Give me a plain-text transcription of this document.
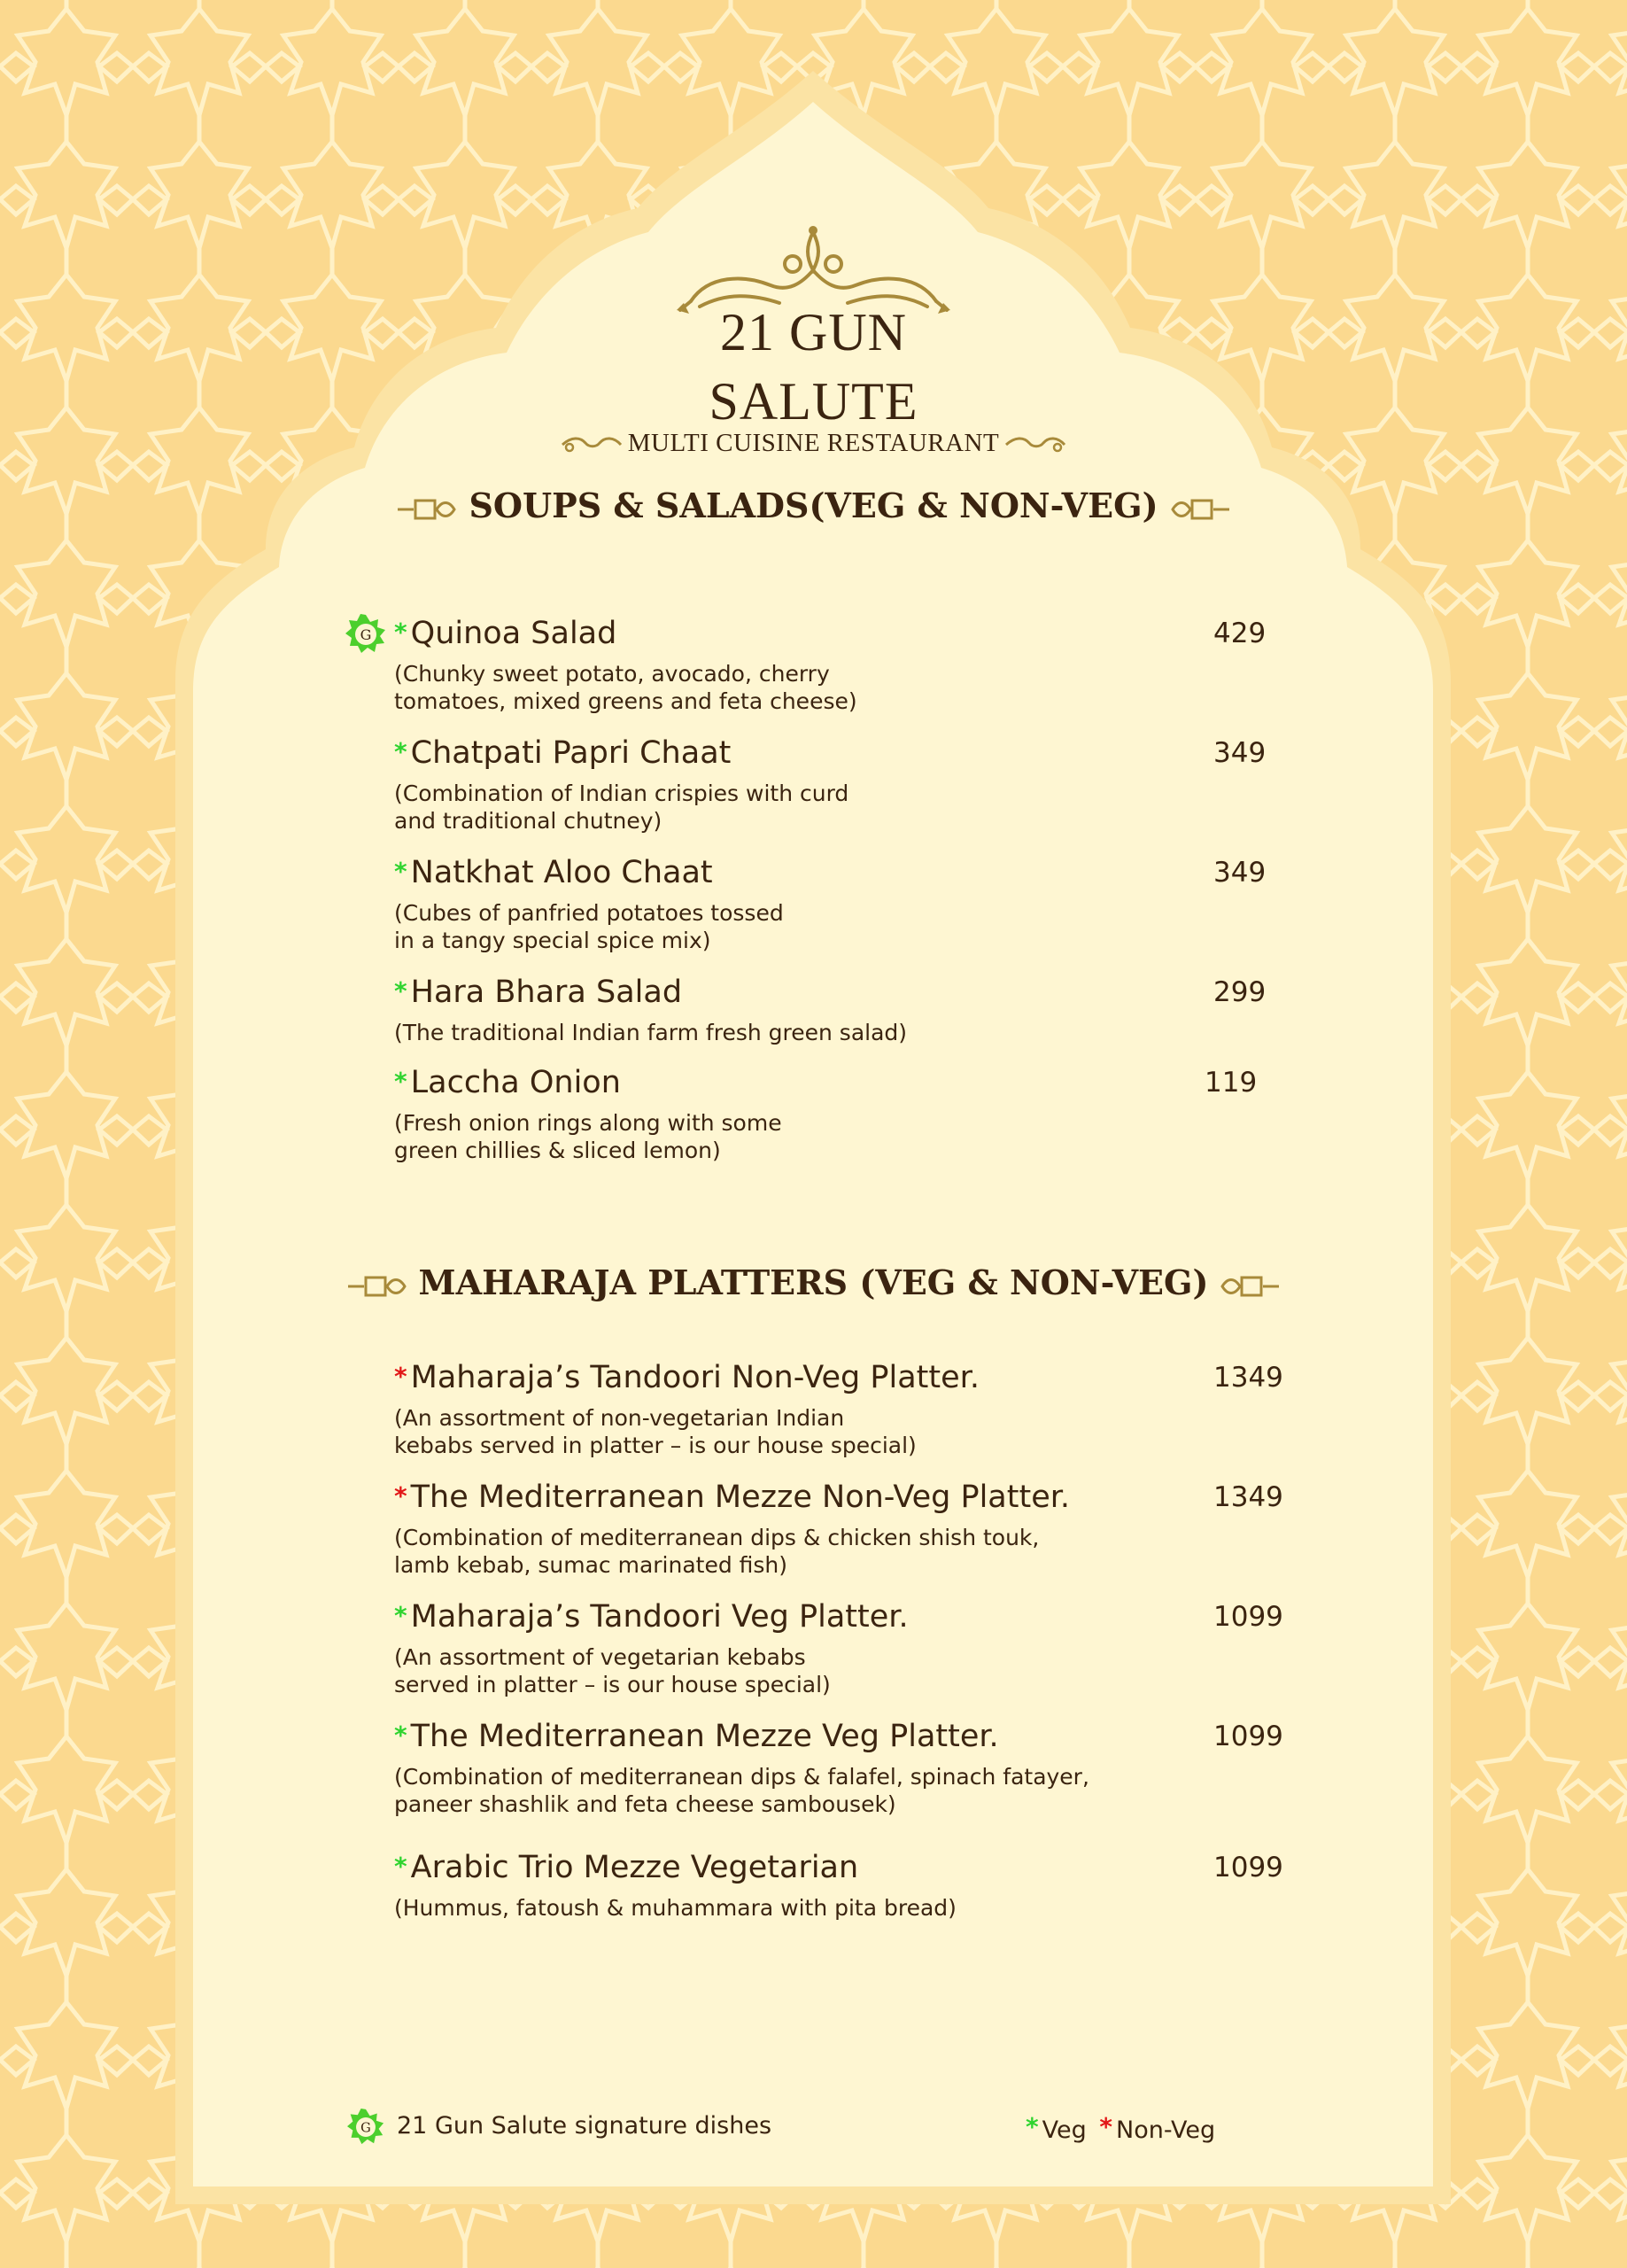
21 GUN
SALUTE
MULTI CUISINE RESTAURANT
SOUPS & SALADS(VEG & NON-VEG)
G * Quinoa Salad	429
(Chunky sweet potato, avocado, cherry
tomatoes, mixed greens and feta cheese)
* Chatpati Papri Chaat	349
(Combination of Indian crispies with curd
and traditional chutney)
* Natkhat Aloo Chaat	349
(Cubes of panfried potatoes tossed
in a tangy special spice mix)
* Hara Bhara Salad	299
(The traditional Indian farm fresh green salad)
* Laccha Onion	119
(Fresh onion rings along with some
green chillies & sliced lemon)
MAHARAJA PLATTERS (VEG & NON-VEG)
* Maharaja’s Tandoori Non-Veg Platter.	1349
(An assortment of non-vegetarian Indian
kebabs served in platter – is our house special)
* The Mediterranean Mezze Non-Veg Platter.	1349
(Combination of mediterranean dips & chicken shish touk,
lamb kebab, sumac marinated fish)
* Maharaja’s Tandoori Veg Platter.	1099
(An assortment of vegetarian kebabs
served in platter – is our house special)
* The Mediterranean Mezze Veg Platter.	1099
(Combination of mediterranean dips & falafel, spinach fatayer,
paneer shashlik and feta cheese sambousek)
* Arabic Trio Mezze Vegetarian	1099
(Hummus, fatoush & muhammara with pita bread)
G 21 Gun Salute signature dishes	* Veg * Non-Veg
